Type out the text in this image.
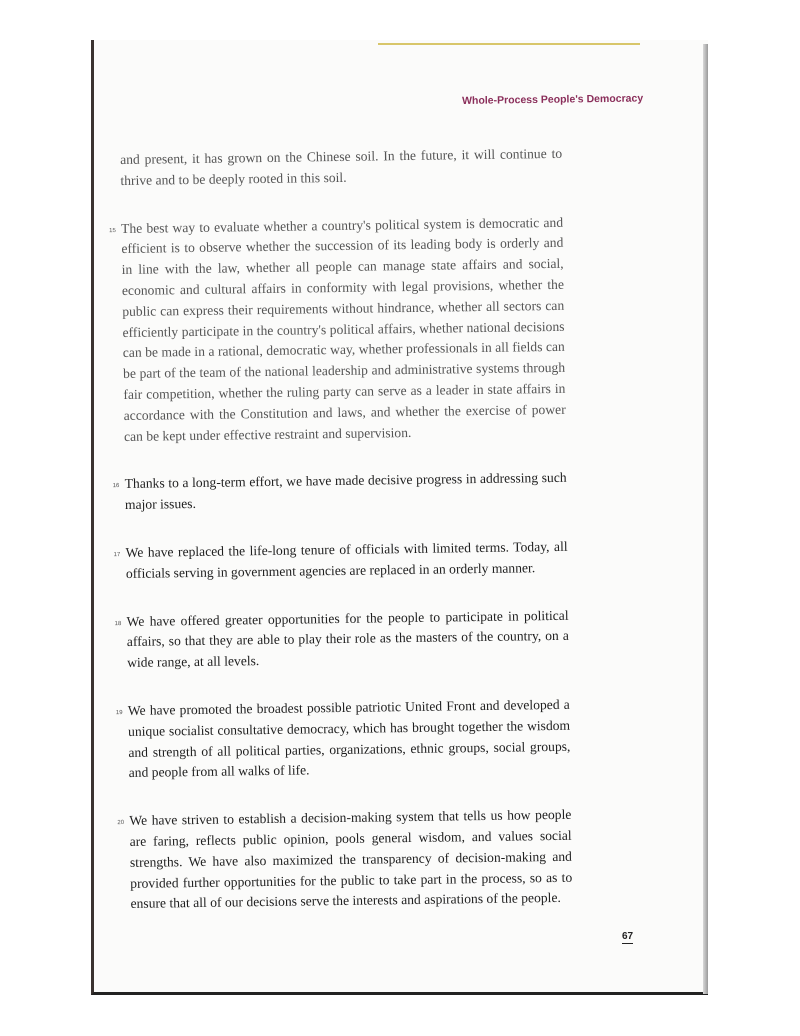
Whole-Process People's Democracy

and present, it has grown on the Chinese soil. In the future, it will continue to thrive and to be deeply rooted in this soil.

15 The best way to evaluate whether a country's political system is democratic and efficient is to observe whether the succession of its leading body is orderly and in line with the law, whether all people can manage state affairs and social, economic and cultural affairs in conformity with legal provisions, whether the public can express their requirements without hindrance, whether all sectors can efficiently participate in the country's political affairs, whether national decisions can be made in a rational, democratic way, whether professionals in all fields can be part of the team of the national leadership and administrative systems through fair competition, whether the ruling party can serve as a leader in state affairs in accordance with the Constitution and laws, and whether the exercise of power can be kept under effective restraint and supervision.

16 Thanks to a long-term effort, we have made decisive progress in addressing such major issues.

17 We have replaced the life-long tenure of officials with limited terms. Today, all officials serving in government agencies are replaced in an orderly manner.

18 We have offered greater opportunities for the people to participate in political affairs, so that they are able to play their role as the masters of the country, on a wide range, at all levels.

19 We have promoted the broadest possible patriotic United Front and developed a unique socialist consultative democracy, which has brought together the wisdom and strength of all political parties, organizations, ethnic groups, social groups, and people from all walks of life.

20 We have striven to establish a decision-making system that tells us how people are faring, reflects public opinion, pools general wisdom, and values social strengths. We have also maximized the transparency of decision-making and provided further opportunities for the public to take part in the process, so as to ensure that all of our decisions serve the interests and aspirations of the people.

67
